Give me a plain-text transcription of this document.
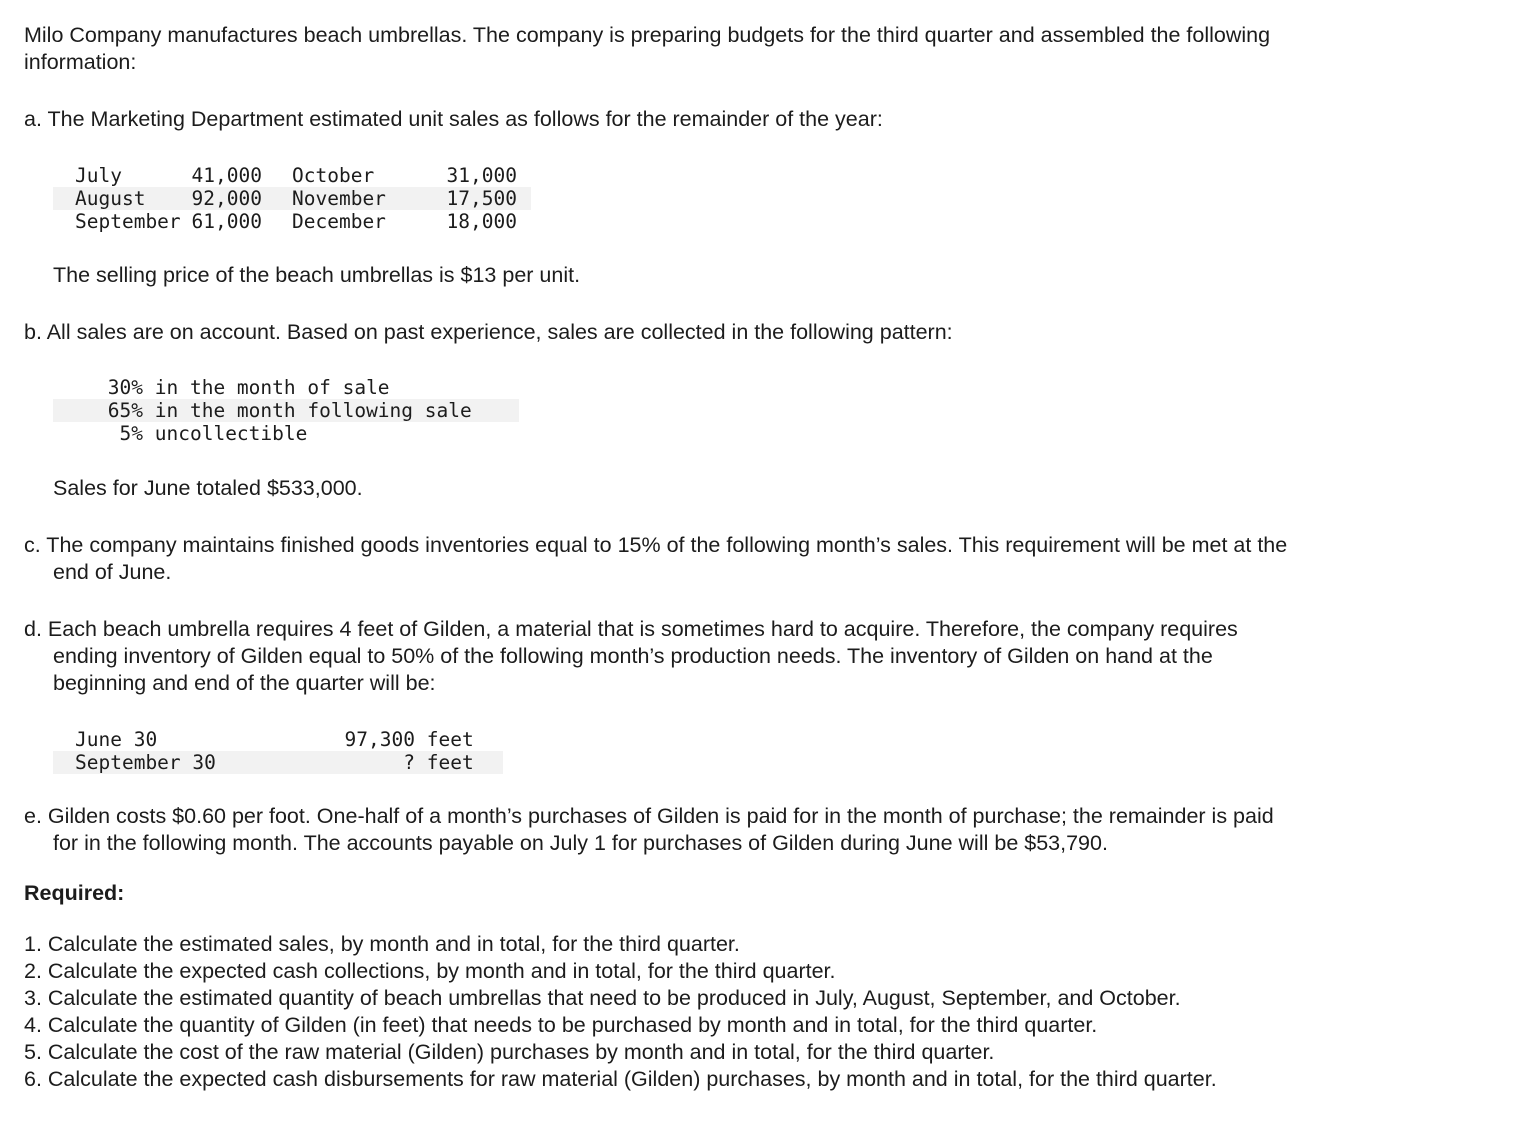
Milo Company manufactures beach umbrellas. The company is preparing budgets for the third quarter and assembled the following
information:

a. The Marketing Department estimated unit sales as follows for the remainder of the year:

	July	41,000		October	31,000	
	August	92,000		November	17,500	
	September	61,000		December	18,000	

The selling price of the beach umbrellas is $13 per unit.

b. All sales are on account. Based on past experience, sales are collected in the following pattern:

30%	in the month of sale
65%	in the month following sale
5%	uncollectible

Sales for June totaled $533,000.

c. The company maintains finished goods inventories equal to 15% of the following month’s sales. This requirement will be met at the
end of June.

d. Each beach umbrella requires 4 feet of Gilden, a material that is sometimes hard to acquire. Therefore, the company requires
ending inventory of Gilden equal to 50% of the following month’s production needs. The inventory of Gilden on hand at the
beginning and end of the quarter will be:

	June 30	97,300	feet
	September 30	?	feet

e. Gilden costs $0.60 per foot. One-half of a month’s purchases of Gilden is paid for in the month of purchase; the remainder is paid
for in the following month. The accounts payable on July 1 for purchases of Gilden during June will be $53,790.

Required:

1. Calculate the estimated sales, by month and in total, for the third quarter.
2. Calculate the expected cash collections, by month and in total, for the third quarter.
3. Calculate the estimated quantity of beach umbrellas that need to be produced in July, August, September, and October.
4. Calculate the quantity of Gilden (in feet) that needs to be purchased by month and in total, for the third quarter.
5. Calculate the cost of the raw material (Gilden) purchases by month and in total, for the third quarter.
6. Calculate the expected cash disbursements for raw material (Gilden) purchases, by month and in total, for the third quarter.
